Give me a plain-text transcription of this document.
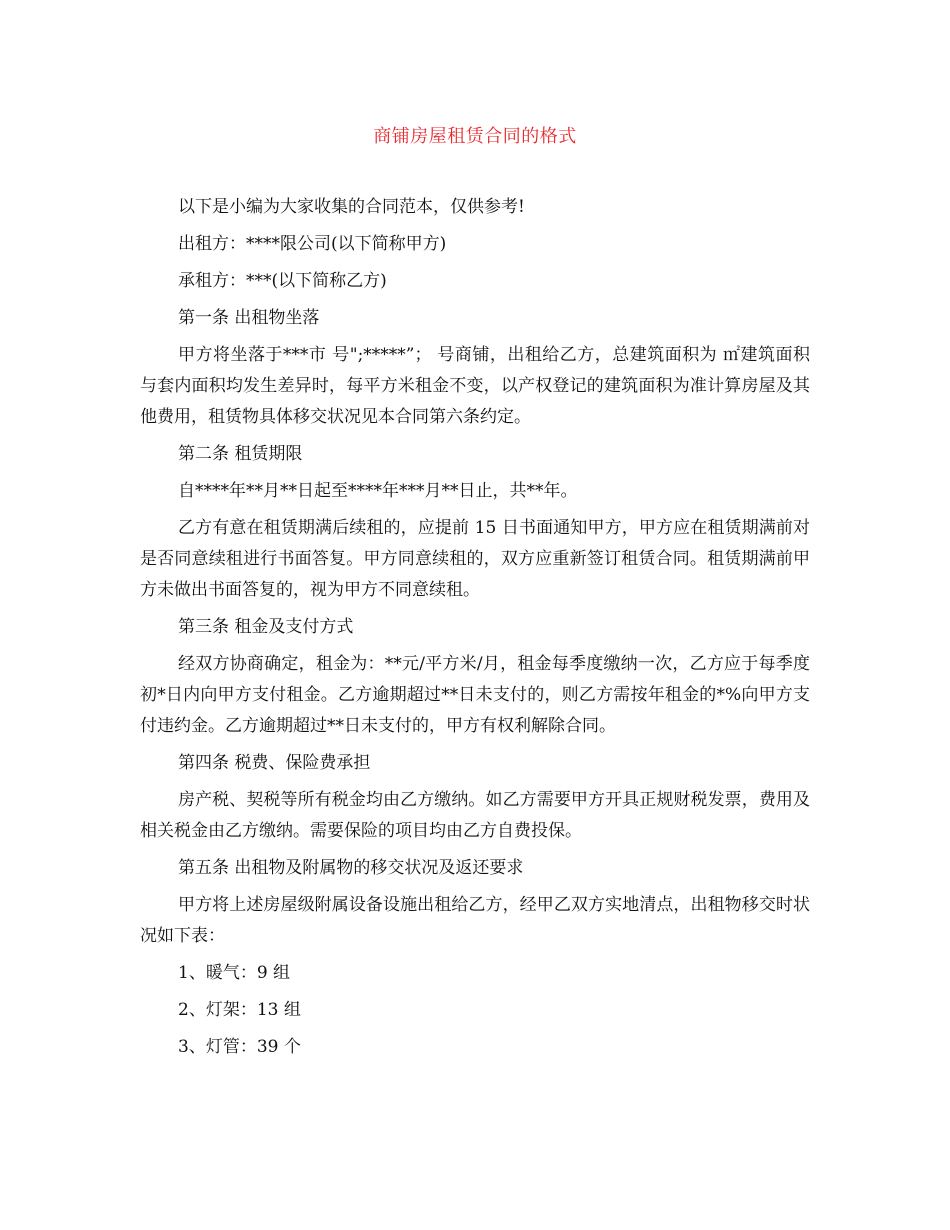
商铺房屋租赁合同的格式

以下是小编为大家收集的合同范本，仅供参考!

出租方：****限公司(以下简称甲方)

承租方：***(以下简称乙方)

第一条 出租物坐落

甲方将坐落于***市 号";*****”； 号商铺，出租给乙方，总建筑面积为 ㎡建筑面积与套内面积均发生差异时，每平方米租金不变，以产权登记的建筑面积为准计算房屋及其他费用，租赁物具体移交状况见本合同第六条约定。

第二条 租赁期限

自****年**月**日起至****年***月**日止，共**年。

乙方有意在租赁期满后续租的，应提前 15 日书面通知甲方，甲方应在租赁期满前对是否同意续租进行书面答复。甲方同意续租的，双方应重新签订租赁合同。租赁期满前甲方未做出书面答复的，视为甲方不同意续租。

第三条 租金及支付方式

经双方协商确定，租金为：**元/平方米/月，租金每季度缴纳一次，乙方应于每季度初*日内向甲方支付租金。乙方逾期超过**日未支付的，则乙方需按年租金的*%向甲方支付违约金。乙方逾期超过**日未支付的，甲方有权利解除合同。

第四条 税费、保险费承担

房产税、契税等所有税金均由乙方缴纳。如乙方需要甲方开具正规财税发票，费用及相关税金由乙方缴纳。需要保险的项目均由乙方自费投保。

第五条 出租物及附属物的移交状况及返还要求

甲方将上述房屋级附属设备设施出租给乙方，经甲乙双方实地清点，出租物移交时状况如下表：

1、暖气：9 组

2、灯架：13 组

3、灯管：39 个
